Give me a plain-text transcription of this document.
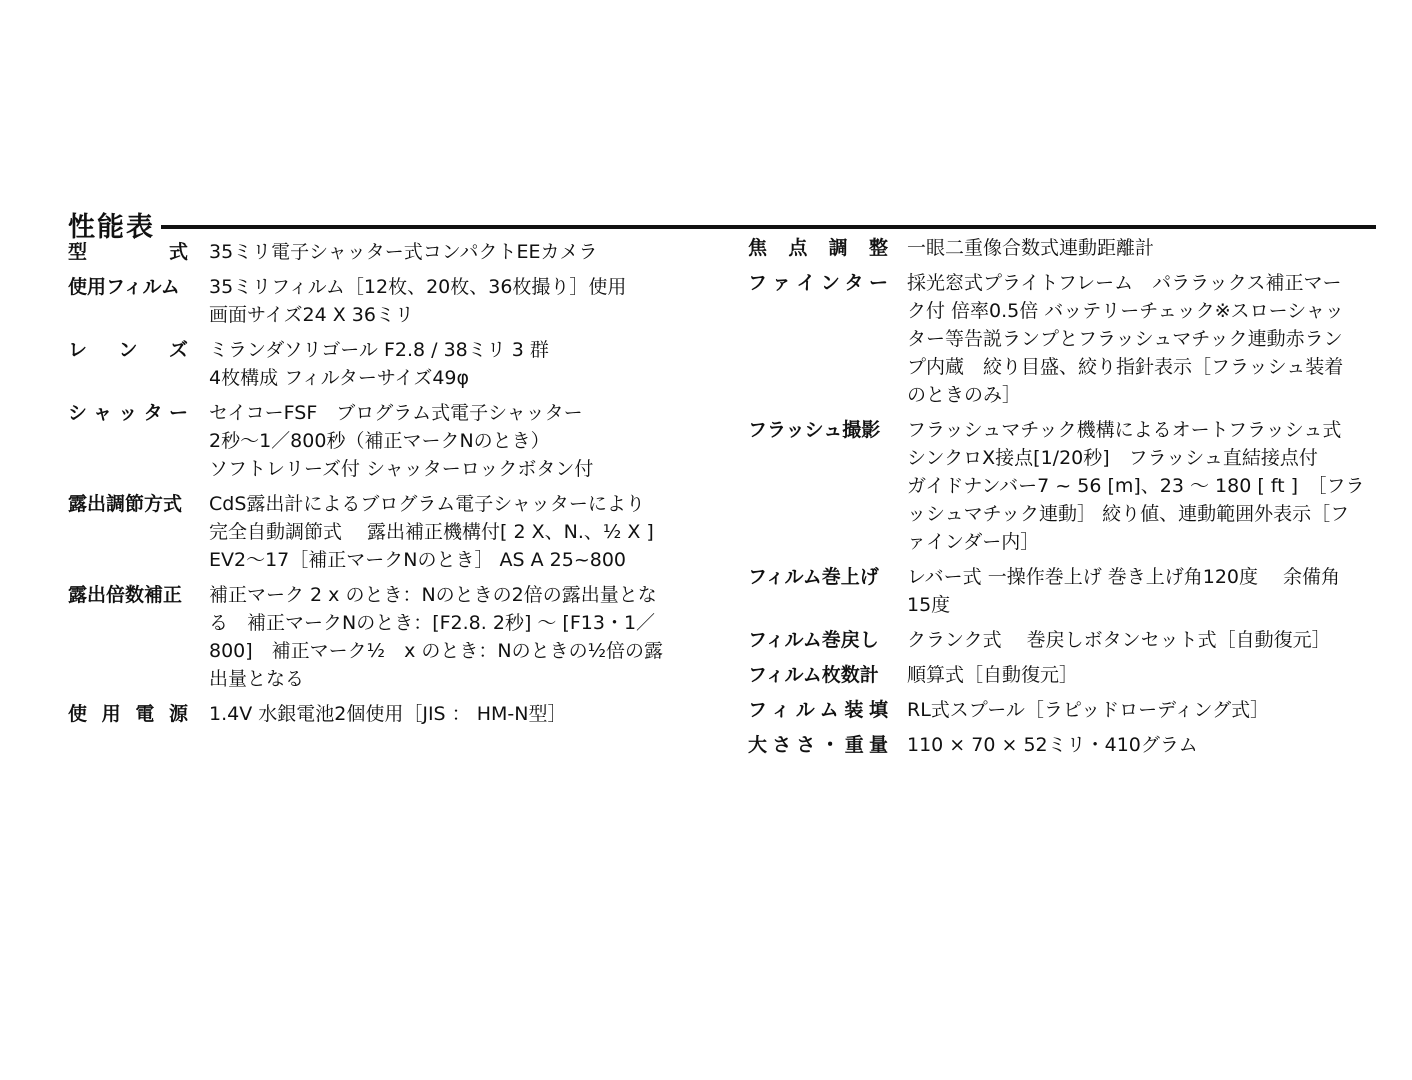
性能表
型式 35ミリ電子シャッター式コンパクトEEカメラ
使用フィルム	35ミリフィルム［12枚、20枚、36枚撮り］使用
画面サイズ24 X 36ミリ
レンズ ミランダソリゴール F2.8 / 38ミリ 3 群
4枚構成 フィルターサイズ49φ
シャッター セイコーFSF　ブログラム式電子シャッター
2秒〜1／800秒（補正マークNのとき）
ソフトレリーズ付 シャッターロックボタン付
露出調節方式	CdS露出計によるブログラム電子シャッターにより
完全自動調節式　 露出補正機構付[ 2 X、N.、½ X ]
EV2〜17［補正マークNのとき］ AS A 25~800
露出倍数補正	補正マーク 2 x のとき：Nのときの2倍の露出量とな
る　補正マークNのとき：[F2.8. 2秒] 〜 [F13・1／
800]　補正マーク½　x のとき：Nのときの½倍の露
出量となる
使用電源 1.4V 水銀電池2個使用［JIS ： HM-N型］
焦点調整 一眼二重像合数式連動距離計
ファインター 採光窓式プライトフレーム　パララックス補正マー
ク付 倍率0.5倍 バッテリーチェック※スローシャッ
ター等告説ランプとフラッシュマチック連動赤ラン
プ内蔵　絞り目盛、絞り指針表示［フラッシュ装着
のときのみ］
フラッシュ撮影	フラッシュマチック機構によるオートフラッシュ式
シンクロX接点[1/20秒]　フラッシュ直結接点付
ガイドナンバー7 ~ 56 [m]、23 〜 180 [ ft ]　［フラ
ッシュマチック連動］ 絞り値、連動範囲外表示［フ
ァインダー内］
フィルム巻上げ	レバー式 一操作巻上げ 巻き上げ角120度　 余備角
15度
フィルム巻戻し	クランク式　 巻戻しボタンセット式［自動復元］
フィルム枚数計	順算式［自動復元］
フィルム装填 RL式スプール［ラピッドローディング式］
大ささ・重量 110 × 70 × 52ミリ・410グラム
